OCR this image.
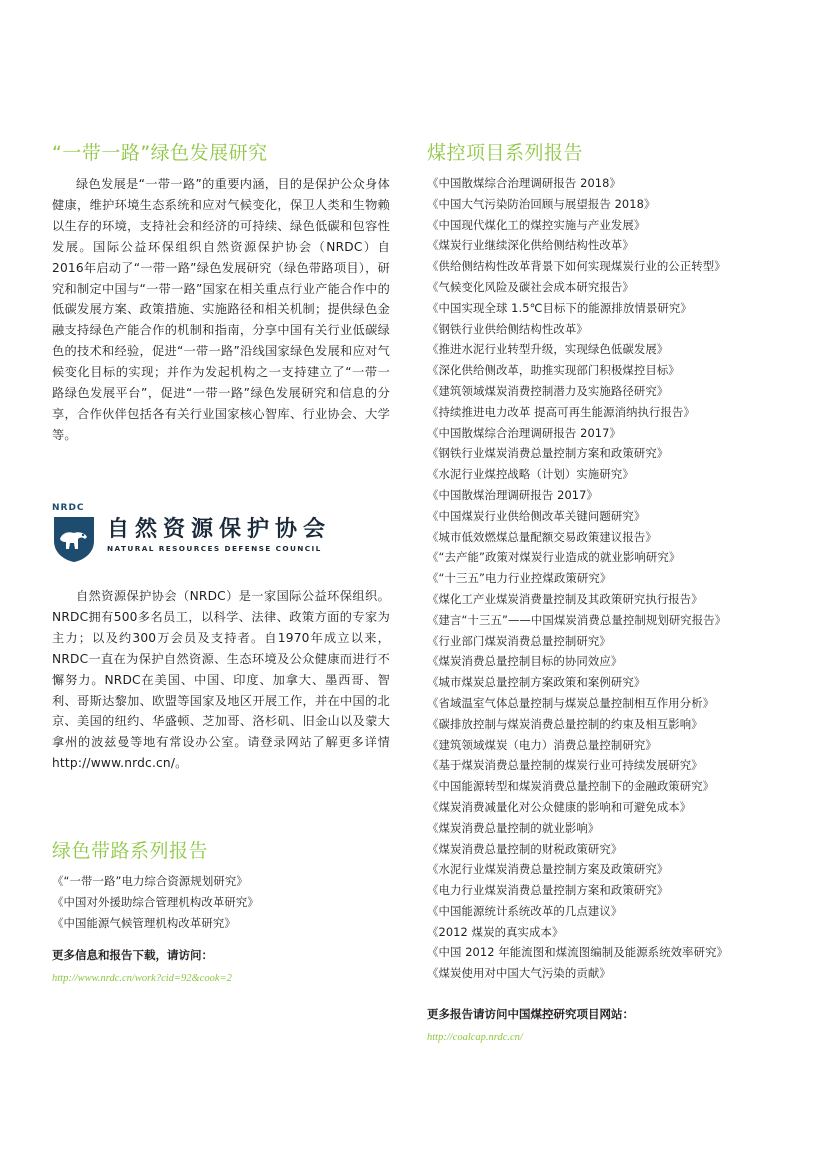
“一带一路”绿色发展研究

绿色发展是“一带一路”的重要内涵，目的是保护公众身体健康，维护环境生态系统和应对气候变化，保卫人类和生物赖以生存的环境，支持社会和经济的可持续、绿色低碳和包容性发展。国际公益环保组织自然资源保护协会（NRDC）自2016年启动了“一带一路”绿色发展研究（绿色带路项目），研究和制定中国与“一带一路”国家在相关重点行业产能合作中的低碳发展方案、政策措施、实施路径和相关机制；提供绿色金融支持绿色产能合作的机制和指南，分享中国有关行业低碳绿色的技术和经验，促进“一带一路”沿线国家绿色发展和应对气候变化目标的实现；并作为发起机构之一支持建立了“一带一路绿色发展平台”，促进“一带一路”绿色发展研究和信息的分享，合作伙伴包括各有关行业国家核心智库、行业协会、大学等。

NRDC
自然资源保护协会
NATURAL RESOURCES DEFENSE COUNCIL

自然资源保护协会（NRDC）是一家国际公益环保组织。NRDC拥有500多名员工，以科学、法律、政策方面的专家为主力；以及约300万会员及支持者。自1970年成立以来，NRDC一直在为保护自然资源、生态环境及公众健康而进行不懈努力。NRDC在美国、中国、印度、加拿大、墨西哥、智利、哥斯达黎加、欧盟等国家及地区开展工作，并在中国的北京、美国的纽约、华盛顿、芝加哥、洛杉矶、旧金山以及蒙大拿州的波兹曼等地有常设办公室。请登录网站了解更多详情 http://www.nrdc.cn/。

绿色带路系列报告
《“一带一路”电力综合资源规划研究》
《中国对外援助综合管理机构改革研究》
《中国能源气候管理机构改革研究》

更多信息和报告下载，请访问：

http://www.nrdc.cn/work?cid=92&cook=2

煤控项目系列报告
《中国散煤综合治理调研报告 2018》
《中国大气污染防治回顾与展望报告 2018》
《中国现代煤化工的煤控实施与产业发展》
《煤炭行业继续深化供给侧结构性改革》
《供给侧结构性改革背景下如何实现煤炭行业的公正转型》
《气候变化风险及碳社会成本研究报告》
《中国实现全球 1.5℃目标下的能源排放情景研究》
《钢铁行业供给侧结构性改革》
《推进水泥行业转型升级，实现绿色低碳发展》
《深化供给侧改革，助推实现部门积极煤控目标》
《建筑领域煤炭消费控制潜力及实施路径研究》
《持续推进电力改革 提高可再生能源消纳执行报告》
《中国散煤综合治理调研报告 2017》
《钢铁行业煤炭消费总量控制方案和政策研究》
《水泥行业煤控战略（计划）实施研究》
《中国散煤治理调研报告 2017》
《中国煤炭行业供给侧改革关键问题研究》
《城市低效燃煤总量配额交易政策建议报告》
《“去产能”政策对煤炭行业造成的就业影响研究》
《“十三五”电力行业控煤政策研究》
《煤化工产业煤炭消费量控制及其政策研究执行报告》
《建言“十三五”——中国煤炭消费总量控制规划研究报告》
《行业部门煤炭消费总量控制研究》
《煤炭消费总量控制目标的协同效应》
《城市煤炭总量控制方案政策和案例研究》
《省域温室气体总量控制与煤炭总量控制相互作用分析》
《碳排放控制与煤炭消费总量控制的约束及相互影响》
《建筑领域煤炭（电力）消费总量控制研究》
《基于煤炭消费总量控制的煤炭行业可持续发展研究》
《中国能源转型和煤炭消费总量控制下的金融政策研究》
《煤炭消费减量化对公众健康的影响和可避免成本》
《煤炭消费总量控制的就业影响》
《煤炭消费总量控制的财税政策研究》
《水泥行业煤炭消费总量控制方案及政策研究》
《电力行业煤炭消费总量控制方案和政策研究》
《中国能源统计系统改革的几点建议》
《2012 煤炭的真实成本》
《中国 2012 年能流图和煤流图编制及能源系统效率研究》
《煤炭使用对中国大气污染的贡献》

更多报告请访问中国煤控研究项目网站：

http://coalcap.nrdc.cn/
